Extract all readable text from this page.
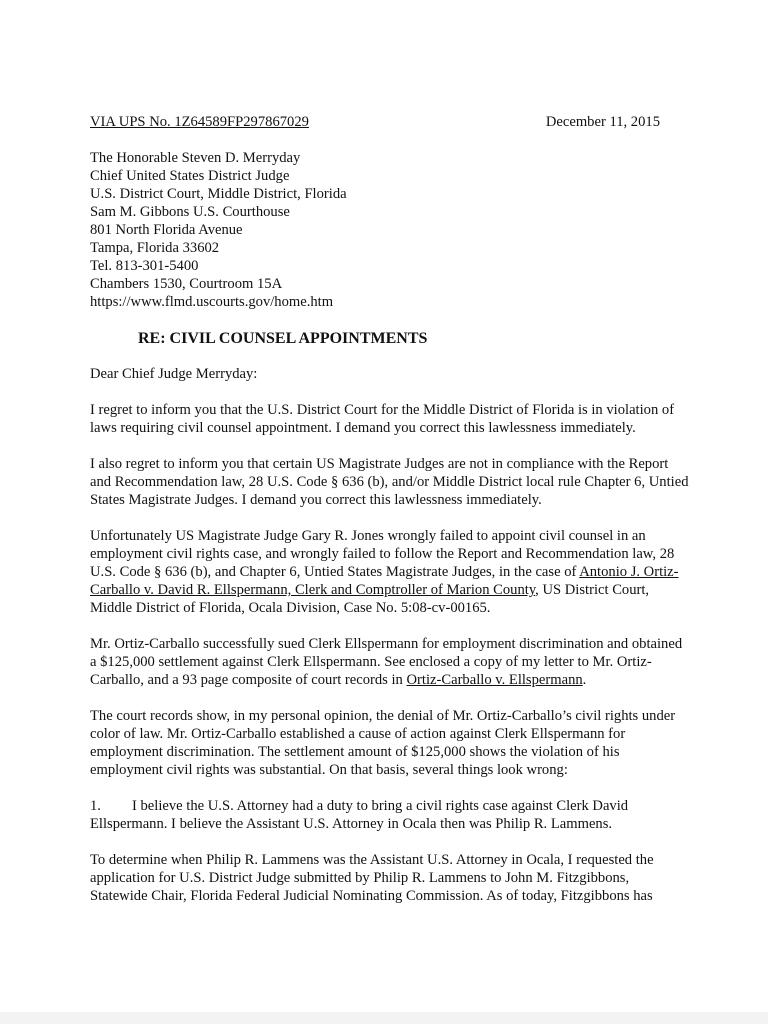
VIA UPS No. 1Z64589FP297867029	December 11, 2015
The Honorable Steven D. Merryday
Chief United States District Judge
U.S. District Court, Middle District, Florida
Sam M. Gibbons U.S. Courthouse
801 North Florida Avenue
Tampa, Florida 33602
Tel. 813-301-5400
Chambers 1530, Courtroom 15A
https://www.flmd.uscourts.gov/home.htm
RE: CIVIL COUNSEL APPOINTMENTS

Dear Chief Judge Merryday:

I regret to inform you that the U.S. District Court for the Middle District of Florida is in violation of laws requiring civil counsel appointment. I demand you correct this lawlessness immediately.

I also regret to inform you that certain US Magistrate Judges are not in compliance with the Report and Recommendation law, 28 U.S. Code § 636 (b), and/or Middle District local rule Chapter 6, Untied States Magistrate Judges. I demand you correct this lawlessness immediately.

Unfortunately US Magistrate Judge Gary R. Jones wrongly failed to appoint civil counsel in an employment civil rights case, and wrongly failed to follow the Report and Recommendation law, 28 U.S. Code § 636 (b), and Chapter 6, Untied States Magistrate Judges, in the case of Antonio J. Ortiz-Carballo v. David R. Ellspermann, Clerk and Comptroller of Marion County, US District Court, Middle District of Florida, Ocala Division, Case No. 5:08-cv-00165.

Mr. Ortiz-Carballo successfully sued Clerk Ellspermann for employment discrimination and obtained a $125,000 settlement against Clerk Ellspermann. See enclosed a copy of my letter to Mr. Ortiz-Carballo, and a 93 page composite of court records in Ortiz-Carballo v. Ellspermann.

The court records show, in my personal opinion, the denial of Mr. Ortiz-Carballo’s civil rights under color of law. Mr. Ortiz-Carballo established a cause of action against Clerk Ellspermann for employment discrimination. The settlement amount of $125,000 shows the violation of his employment civil rights was substantial. On that basis, several things look wrong:

1. I believe the U.S. Attorney had a duty to bring a civil rights case against Clerk David Ellspermann. I believe the Assistant U.S. Attorney in Ocala then was Philip R. Lammens.

To determine when Philip R. Lammens was the Assistant U.S. Attorney in Ocala, I requested the application for U.S. District Judge submitted by Philip R. Lammens to John M. Fitzgibbons, Statewide Chair, Florida Federal Judicial Nominating Commission. As of today, Fitzgibbons has
